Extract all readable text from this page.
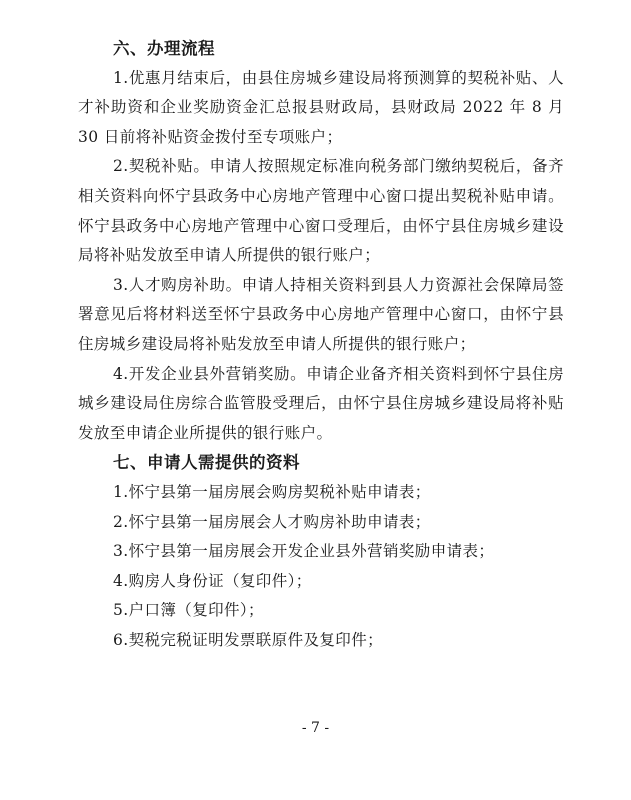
六、办理流程

1.优惠月结束后，由县住房城乡建设局将预测算的契税补贴、人才补助资和企业奖励资金汇总报县财政局，县财政局 2022 年 8 月 30 日前将补贴资金拨付至专项账户；

2.契税补贴。申请人按照规定标准向税务部门缴纳契税后，备齐相关资料向怀宁县政务中心房地产管理中心窗口提出契税补贴申请。怀宁县政务中心房地产管理中心窗口受理后，由怀宁县住房城乡建设局将补贴发放至申请人所提供的银行账户；

3.人才购房补助。申请人持相关资料到县人力资源社会保障局签署意见后将材料送至怀宁县政务中心房地产管理中心窗口，由怀宁县住房城乡建设局将补贴发放至申请人所提供的银行账户；

4.开发企业县外营销奖励。申请企业备齐相关资料到怀宁县住房城乡建设局住房综合监管股受理后，由怀宁县住房城乡建设局将补贴发放至申请企业所提供的银行账户。

七、申请人需提供的资料

1.怀宁县第一届房展会购房契税补贴申请表；

2.怀宁县第一届房展会人才购房补助申请表；

3.怀宁县第一届房展会开发企业县外营销奖励申请表；

4.购房人身份证（复印件）；

5.户口簿（复印件）；

6.契税完税证明发票联原件及复印件；

- 7 -
